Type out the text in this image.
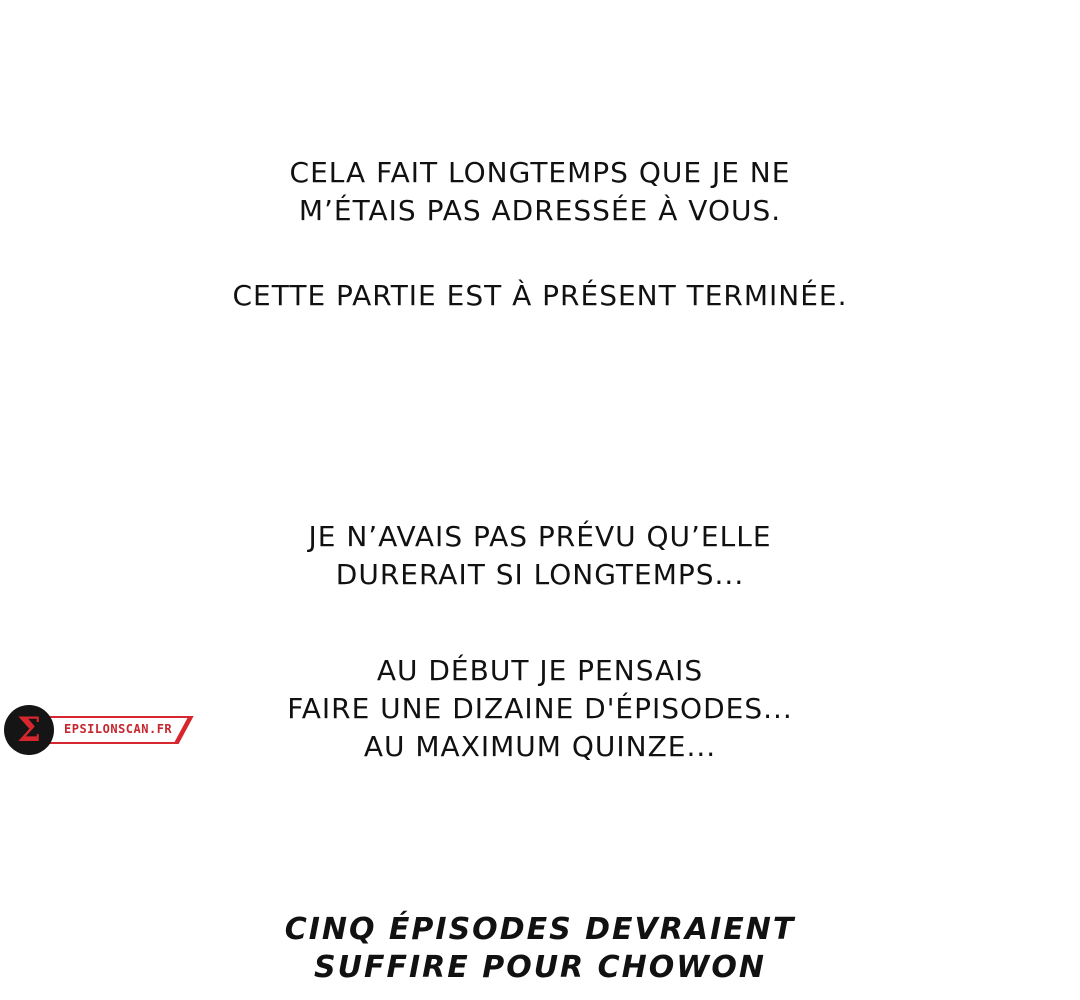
CELA FAIT LONGTEMPS QUE JE NE
M’ÉTAIS PAS ADRESSÉE À VOUS.
CETTE PARTIE EST À PRÉSENT TERMINÉE.
JE N’AVAIS PAS PRÉVU QU’ELLE
DURERAIT SI LONGTEMPS...
AU DÉBUT JE PENSAIS
FAIRE UNE DIZAINE D'ÉPISODES...
AU MAXIMUM QUINZE...
CINQ ÉPISODES DEVRAIENT
SUFFIRE POUR CHOWON
EPSILONSCAN.FR
Σ
